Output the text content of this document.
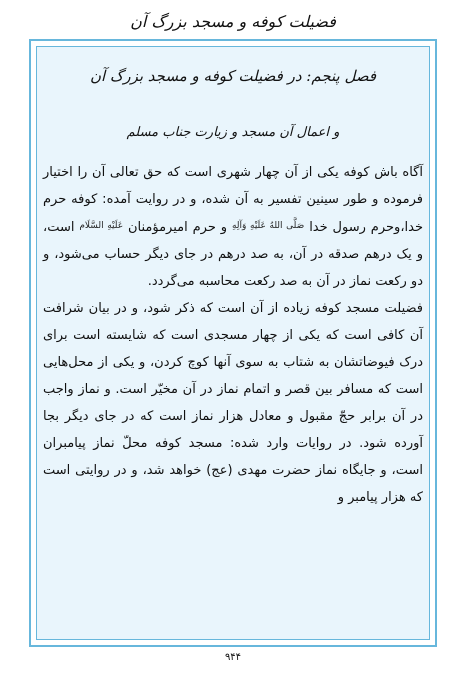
فضیلت کوفه و مسجد بزرگ آن
فصل پنجم: در فضیلت کوفه و مسجد بزرگ آن
و اعمال آن مسجد و زیارت جناب مسلم

آگاه باش کوفه یکی از آن چهار شهری است که حق تعالی آن را اختیار فرموده و طور سینین تفسیر به آن شده، و در روایت آمده: کوفه حرم خدا،وحرم رسول خدا $^{صَلَّى اللهُ عَلَيْهِ وَآلِهِ}$ و حرم امیرمؤمنان $^{عَلَيْهِ السَّلَام}$ است، و یک درهم صدقه در آن، به صد درهم در جای دیگر حساب می‌شود، و دو رکعت نماز در آن به صد رکعت محاسبه می‌گردد.

فضیلت مسجد کوفه زیاده از آن است که ذکر شود، و در بیان شرافت آن کافی است که یکی از چهار مسجدی است که شایسته است برای درک فیوضاتشان به شتاب به سوی آنها کوچ کردن، و یکی از محل‌هایی است که مسافر بین قصر و اتمام نماز در آن مخیّر است. و نماز واجب در آن برابر حجّ مقبول و معادل هزار نماز است که در جای دیگر بجا آورده شود. در روایات وارد شده: مسجد کوفه محلّ نماز پیامبران است، و جایگاه نماز حضرت مهدی (عج) خواهد شد، و در روایتی است که هزار پیامبر و

۹۴۴
